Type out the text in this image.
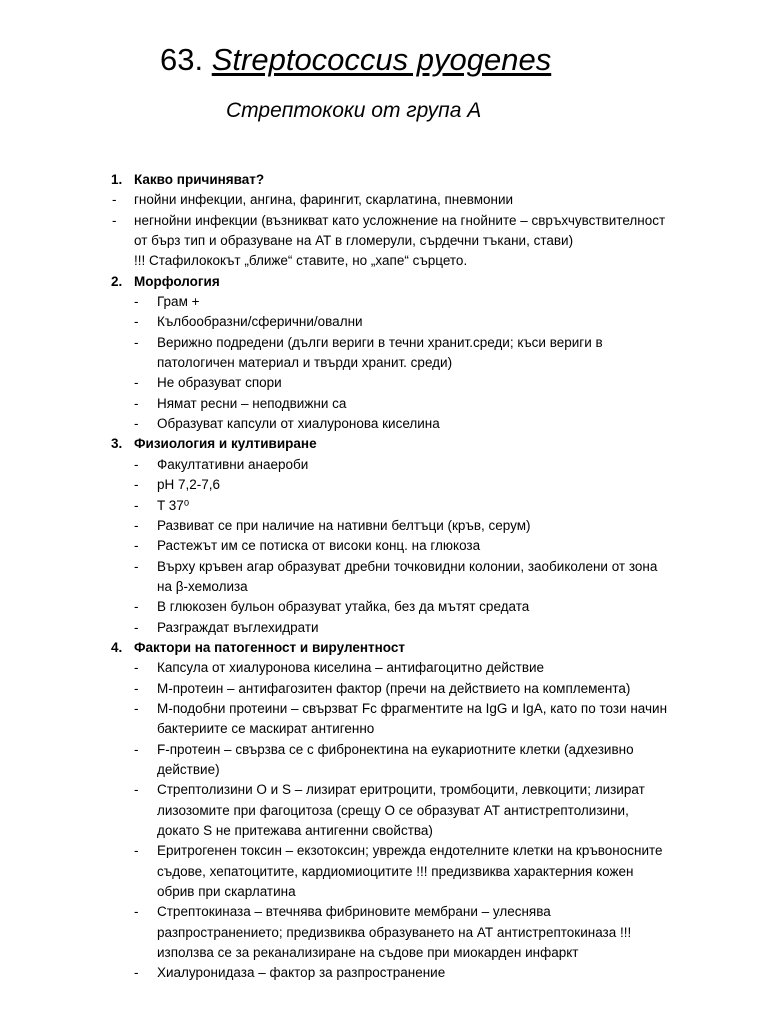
63. Streptococcus pyogenes
Стрептококи от група А
1. Какво причиняват?
- гнойни инфекции, ангина, фарингит, скарлатина, пневмонии
- негнойни инфекции (възникват като усложнение на гнойните – свръхчувствителност
от бърз тип и образуване на АТ в гломерули, сърдечни тъкани, стави)
!!! Стафилококът „ближе“ ставите, но „хапе“ сърцето.
2. Морфология
- Грам +
- Кълбообразни/сферични/овални
- Верижно подредени (дълги вериги в течни хранит.среди; къси вериги в
патологичен материал и твърди хранит. среди)
- Не образуват спори
- Нямат ресни – неподвижни са
- Образуват капсули от хиалуронова киселина
3. Физиология и култивиране
- Факултативни анаероби
- pH 7,2-7,6
- T 37⁰
- Развиват се при наличие на нативни белтъци (кръв, серум)
- Растежът им се потиска от високи конц. на глюкоза
- Върху кръвен агар образуват дребни точковидни колонии, заобиколени от зона
на β-хемолиза
- В глюкозен бульон образуват утайка, без да мътят средата
- Разграждат въглехидрати
4. Фактори на патогенност и вирулентност
- Капсула от хиалуронова киселина – антифагоцитно действие
- М-протеин – антифагозитен фактор (пречи на действието на комплемента)
- М-подобни протеини – свързват Fc фрагментите на IgG и IgA, като по този начин
бактериите се маскират антигенно
- F-протеин – свързва се с фибронектина на еукариотните клетки (адхезивно
действие)
- Стрептолизини O и S – лизират еритроцити, тромбоцити, левкоцити; лизират
лизозомите при фагоцитоза (срещу O се образуват АТ антистрептолизини,
докато S не притежава антигенни свойства)
- Еритрогенен токсин – екзотоксин; уврежда ендотелните клетки на кръвоносните
съдове, хепатоцитите, кардиомиоцитите !!! предизвиква характерния кожен
обрив при скарлатина
- Стрептокиназа – втечнява фибриновите мембрани – улеснява
разпространението; предизвиква образуването на АТ антистрептокиназа !!!
използва се за реканализиране на съдове при миокарден инфаркт
- Хиалуронидаза – фактор за разпространение
